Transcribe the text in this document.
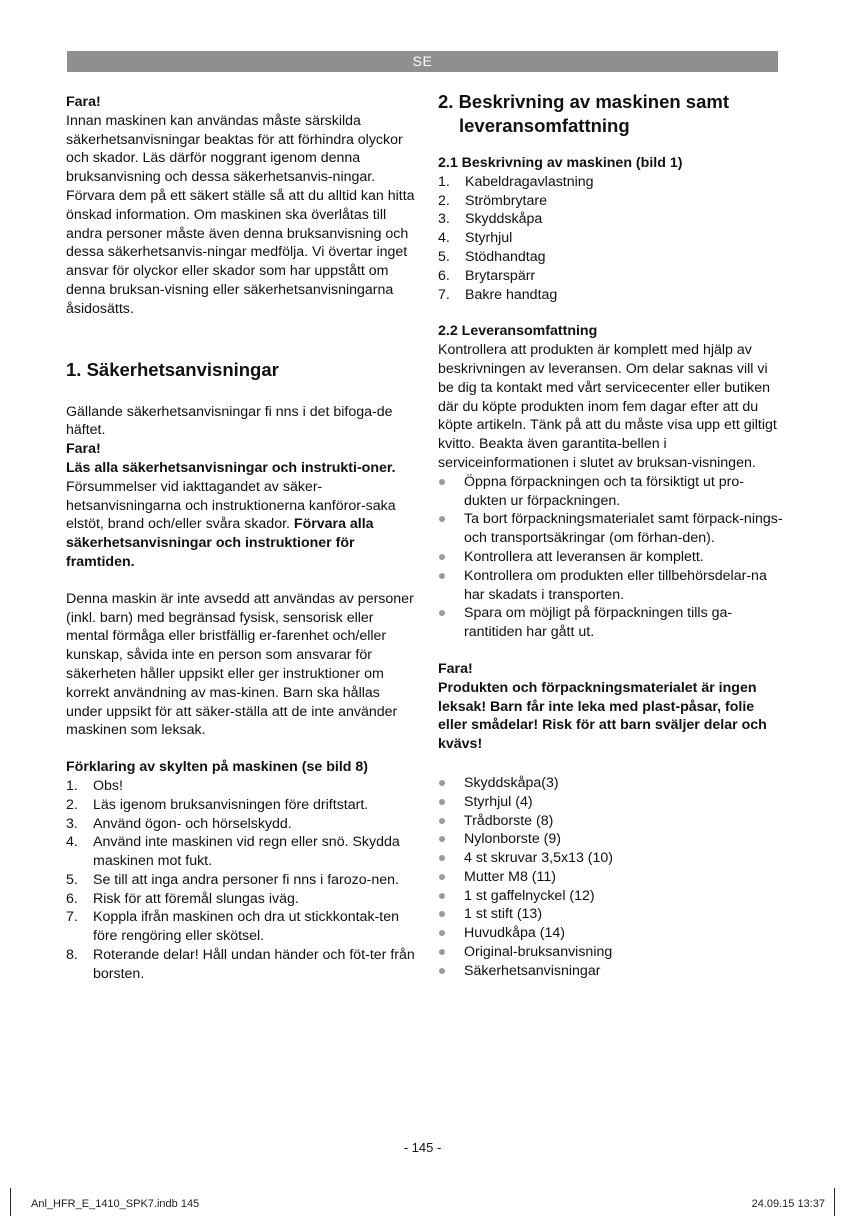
SE

Fara!

Innan maskinen kan användas måste särskilda säkerhetsanvisningar beaktas för att förhindra olyckor och skador. Läs därför noggrant igenom denna bruksanvisning och dessa säkerhetsanvis-ningar. Förvara dem på ett säkert ställe så att du alltid kan hitta önskad information. Om maskinen ska överlåtas till andra personer måste även denna bruksanvisning och dessa säkerhetsanvis-ningar medfölja. Vi övertar inget ansvar för olyckor eller skador som har uppstått om denna bruksan-visning eller säkerhetsanvisningarna åsidosätts.

1. Säkerhetsanvisningar

Gällande säkerhetsanvisningar fi nns i det bifoga-de häftet.

Fara!

Läs alla säkerhetsanvisningar och instrukti-oner. Försummelser vid iakttagandet av säker-hetsanvisningarna och instruktionerna kanföror-saka elstöt, brand och/eller svåra skador. Förvara alla säkerhetsanvisningar och instruktioner för framtiden.

Denna maskin är inte avsedd att användas av personer (inkl. barn) med begränsad fysisk, sensorisk eller mental förmåga eller bristfällig er-farenhet och/eller kunskap, såvida inte en person som ansvarar för säkerheten håller uppsikt eller ger instruktioner om korrekt användning av mas-kinen. Barn ska hållas under uppsikt för att säker-ställa att de inte använder maskinen som leksak.

Förklaring av skylten på maskinen (se bild 8)
1. Obs!
2. Läs igenom bruksanvisningen före driftstart.
3. Använd ögon- och hörselskydd.
4. Använd inte maskinen vid regn eller snö. Skydda maskinen mot fukt.
5. Se till att inga andra personer fi nns i farozo-nen.
6. Risk för att föremål slungas iväg.
7. Koppla ifrån maskinen och dra ut stickkontak-ten före rengöring eller skötsel.
8. Roterande delar! Håll undan händer och föt-ter från borsten.
2. Beskrivning av maskinen samt leveransomfattning
2.1 Beskrivning av maskinen (bild 1)
1. Kabeldragavlastning
2. Strömbrytare
3. Skyddskåpa
4. Styrhjul
5. Stödhandtag
6. Brytarspärr
7. Bakre handtag
2.2 Leveransomfattning

Kontrollera att produkten är komplett med hjälp av beskrivningen av leveransen. Om delar saknas vill vi be dig ta kontakt med vårt servicecenter eller butiken där du köpte produkten inom fem dagar efter att du köpte artikeln. Tänk på att du måste visa upp ett giltigt kvitto. Beakta även garantita-bellen i serviceinformationen i slutet av bruksan-visningen.

Öppna förpackningen och ta försiktigt ut pro-dukten ur förpackningen.
Ta bort förpackningsmaterialet samt förpack-nings- och transportsäkringar (om förhan-den).
Kontrollera att leveransen är komplett.
Kontrollera om produkten eller tillbehörsdelar-na har skadats i transporten.
Spara om möjligt på förpackningen tills ga-rantitiden har gått ut.

Fara!

Produkten och förpackningsmaterialet är ingen leksak! Barn får inte leka med plast-påsar, folie eller smådelar! Risk för att barn sväljer delar och kvävs!

Skyddskåpa(3)
Styrhjul (4)
Trådborste (8)
Nylonborste (9)
4 st skruvar 3,5x13 (10)
Mutter M8 (11)
1 st gaffelnyckel (12)
1 st stift (13)
Huvudkåpa (14)
Original-bruksanvisning
Säkerhetsanvisningar
- 145 -
Anl_HFR_E_1410_SPK7.indb 145	24.09.15 13:37
